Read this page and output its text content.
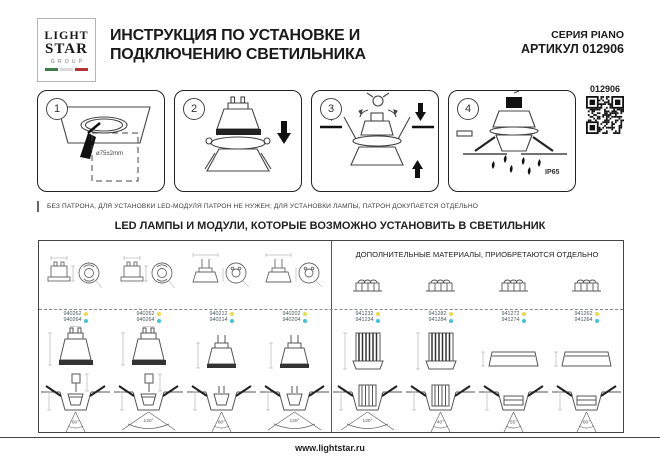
LIGHT
STAR
GROUP
ИНСТРУКЦИЯ ПО УСТАНОВКЕ И
ПОДКЛЮЧЕНИЮ СВЕТИЛЬНИКА
СЕРИЯ PIANO
АРТИКУЛ 012906
012906
1
ø75±2mm
2	3	4
IP65
БЕЗ ПАТРОНА, ДЛЯ УСТАНОВКИ LED-МОДУЛЯ ПАТРОН НЕ НУЖЕН; ДЛЯ УСТАНОВКИ ЛАМПЫ, ПАТРОН ДОКУПАЕТСЯ ОТДЕЛЬНО
LED ЛАМПЫ И МОДУЛИ, КОТОРЫЕ ВОЗМОЖНО УСТАНОВИТЬ В СВЕТИЛЬНИК
ДОПОЛНИТЕЛЬНЫЕ МАТЕРИАЛЫ, ПРИОБРЕТАЮТСЯ ОТДЕЛЬНО
940262
940264
60°
940262
940264
120°
940212
940214
60°
940202
940204
120°
941232
941234
120°
941282
941284
40°
941272
941274
55°
941262
941264
60°
www.lightstar.ru
